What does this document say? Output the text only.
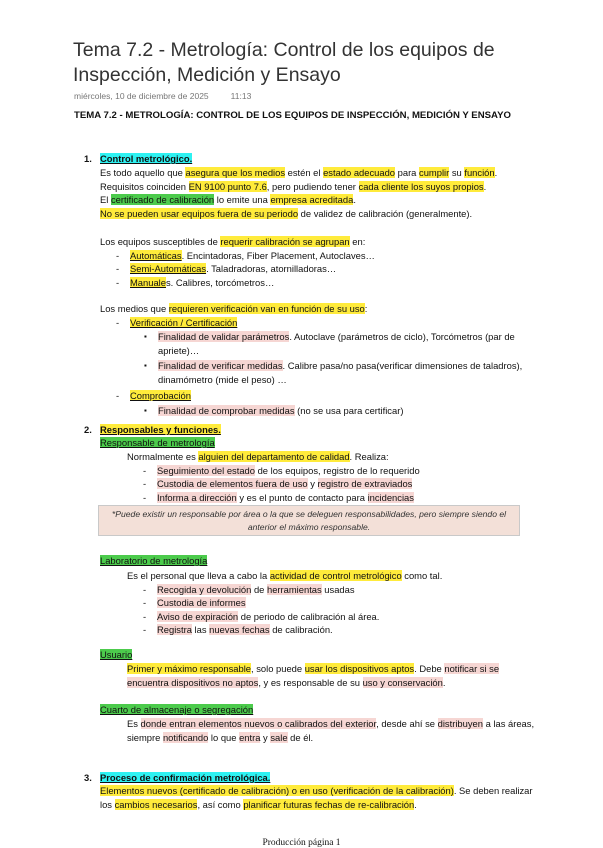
Tema 7.2 - Metrología: Control de los equipos de Inspección, Medición y Ensayo
miércoles, 10 de diciembre de 2025	11:13
TEMA 7.2 - METROLOGÍA: CONTROL DE LOS EQUIPOS DE INSPECCIÓN, MEDICIÓN Y ENSAYO
1. Control metrológico.
Es todo aquello que asegura que los medios estén el estado adecuado para cumplir su función.
Requisitos coinciden EN 9100 punto 7.6, pero pudiendo tener cada cliente los suyos propios.
El certificado de calibración lo emite una empresa acreditada.
No se pueden usar equipos fuera de su periodo de validez de calibración (generalmente).
Los equipos susceptibles de requerir calibración se agrupan en:
- Automáticas. Encintadoras, Fiber Placement, Autoclaves…
- Semi-Automáticas. Taladradoras, atornilladoras…
- Manuales. Calibres, torcómetros…
Los medios que requieren verificación van en función de su uso:
- Verificación / Certificación
▪ Finalidad de validar parámetros. Autoclave (parámetros de ciclo), Torcómetros (par de apriete)…
▪ Finalidad de verificar medidas. Calibre pasa/no pasa(verificar dimensiones de taladros), dinamómetro (mide el peso) …
- Comprobación
▪ Finalidad de comprobar medidas (no se usa para certificar)
2. Responsables y funciones.
Responsable de metrología
Normalmente es alguien del departamento de calidad. Realiza:
- Seguimiento del estado de los equipos, registro de lo requerido
- Custodia de elementos fuera de uso y registro de extraviados
- Informa a dirección y es el punto de contacto para incidencias
*Puede existir un responsable por área o la que se deleguen responsabilidades, pero siempre siendo el anterior el máximo responsable.
Laboratorio de metrología
Es el personal que lleva a cabo la actividad de control metrológico como tal.
- Recogida y devolución de herramientas usadas
- Custodia de informes
- Aviso de expiración de periodo de calibración al área.
- Registra las nuevas fechas de calibración.
Usuario
Primer y máximo responsable, solo puede usar los dispositivos aptos. Debe notificar si se encuentra dispositivos no aptos, y es responsable de su uso y conservación.
Cuarto de almacenaje o segregación
Es donde entran elementos nuevos o calibrados del exterior, desde ahí se distribuyen a las áreas, siempre notificando lo que entra y sale de él.
3. Proceso de confirmación metrológica.
Elementos nuevos (certificado de calibración) o en uso (verificación de la calibración). Se deben realizar los cambios necesarios, así como planificar futuras fechas de re-calibración.
Producción página 1
